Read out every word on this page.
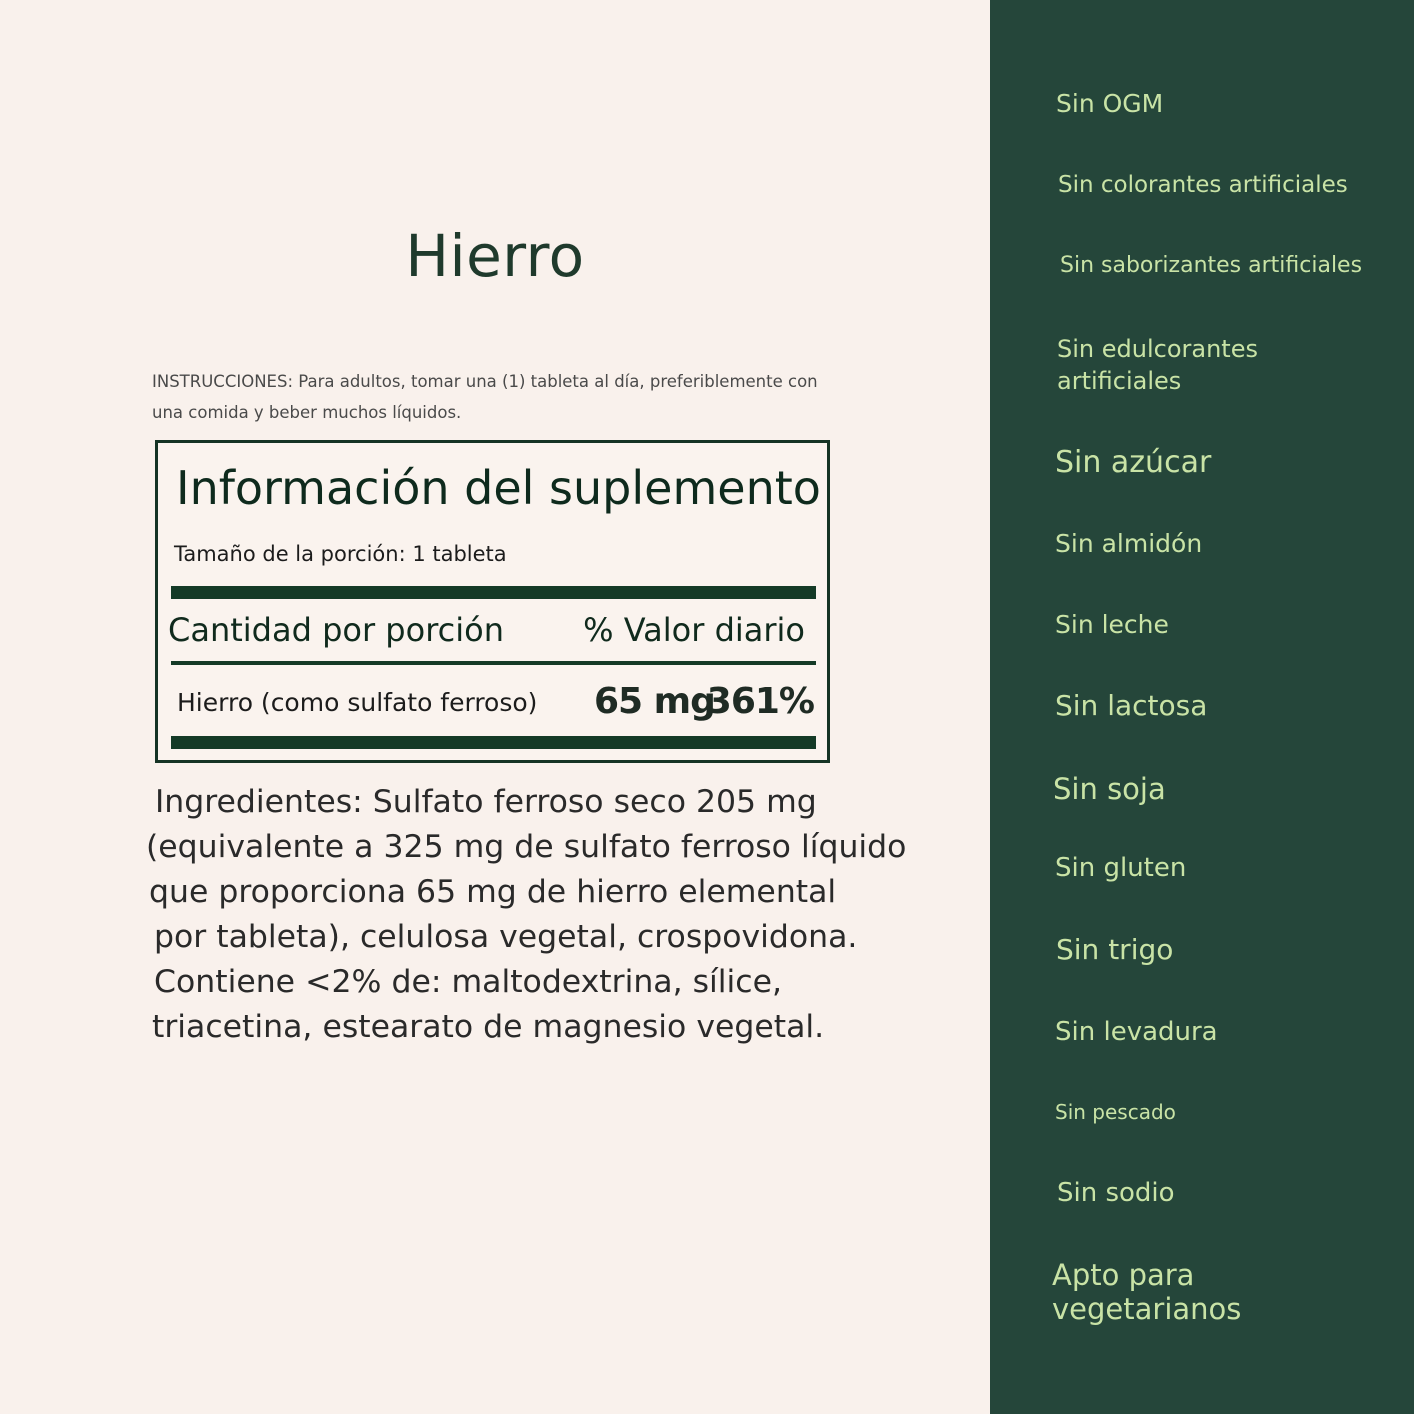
Hierro
INSTRUCCIONES: Para adultos, tomar una (1) tableta al día, preferiblemente con una comida y beber muchos líquidos.
Información del suplemento
Tamaño de la porción: 1 tableta
Cantidad por porción % Valor diario
Hierro (como sulfato ferroso) 65 mg
361%
Ingredientes: Sulfato ferroso seco 205 mg
(equivalente a 325 mg de sulfato ferroso líquido
que proporciona 65 mg de hierro elemental
por tableta), celulosa vegetal, crospovidona.
Contiene <2% de: maltodextrina, sílice,
triacetina, estearato de magnesio vegetal.
Sin OGM
Sin colorantes artificiales
Sin saborizantes artificiales
Sin edulcorantes artificiales
Sin azúcar
Sin almidón
Sin leche
Sin lactosa
Sin soja
Sin gluten
Sin trigo
Sin levadura
Sin pescado
Sin sodio
Apto para vegetarianos
